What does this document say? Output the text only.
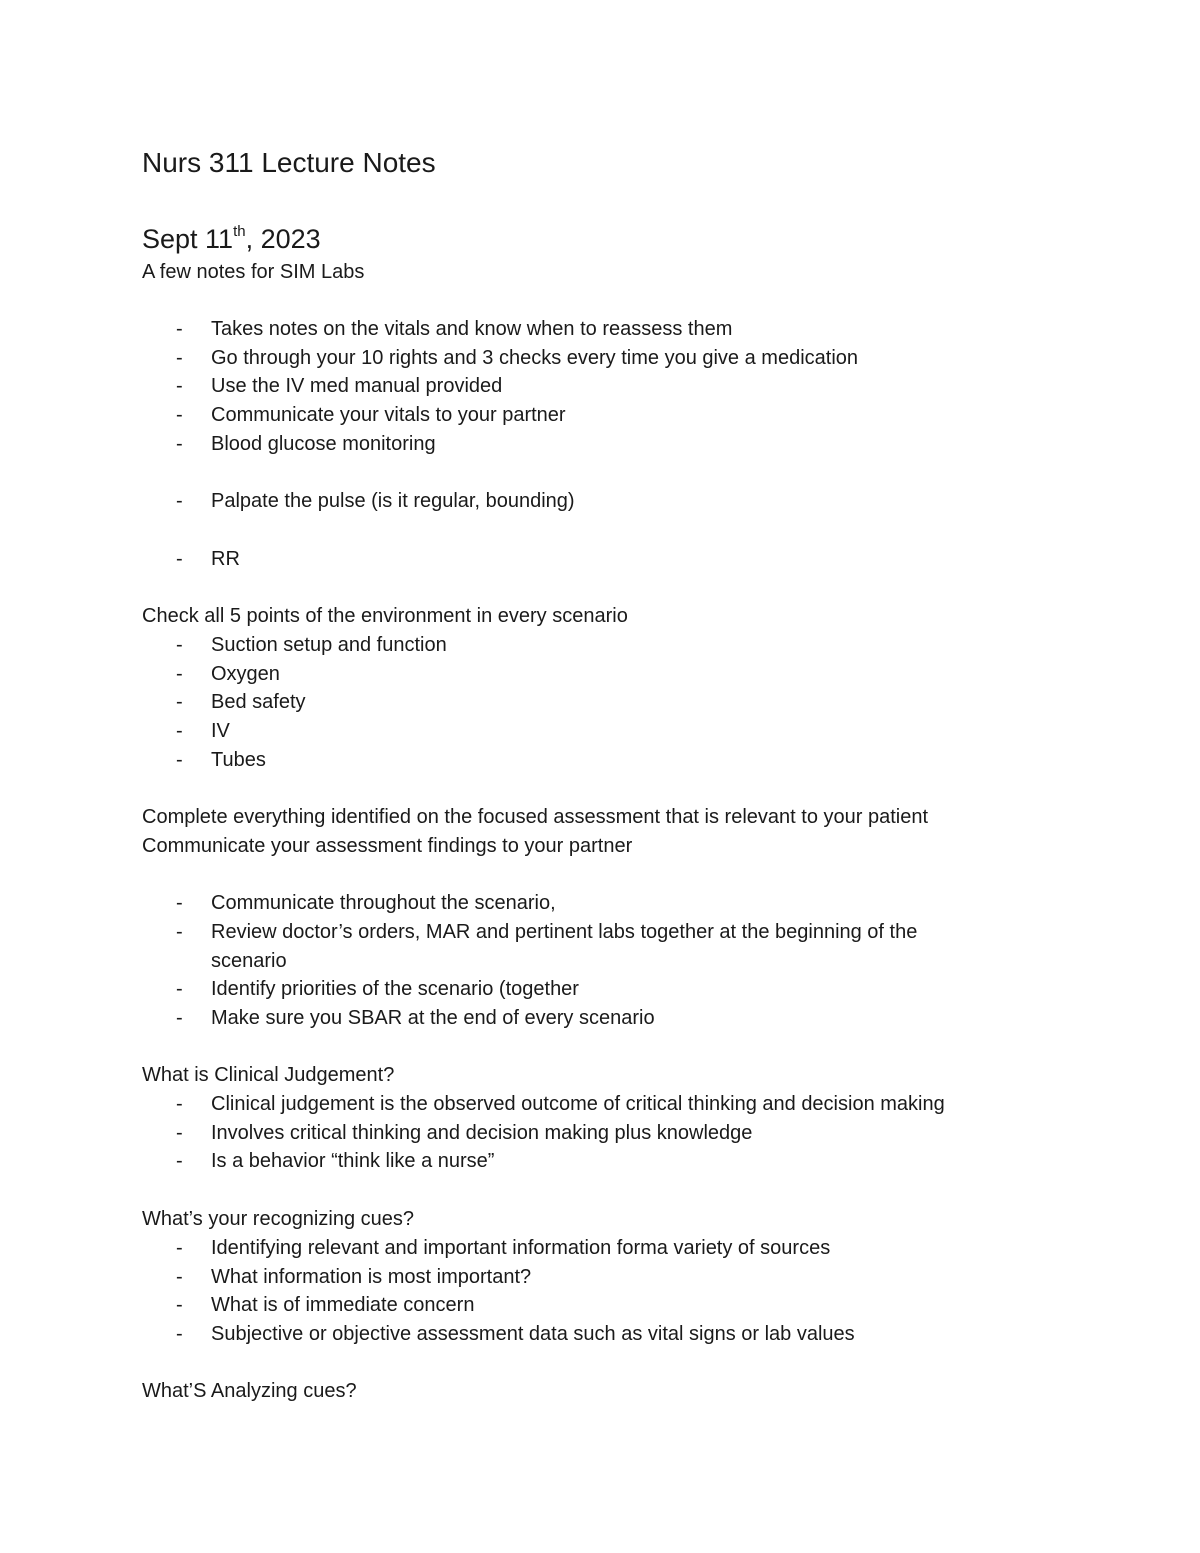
Nurs 311 Lecture Notes
Sept 11th, 2023

A few notes for SIM Labs

- Takes notes on the vitals and know when to reassess them

- Go through your 10 rights and 3 checks every time you give a medication

- Use the IV med manual provided

- Communicate your vitals to your partner

- Blood glucose monitoring

- Palpate the pulse (is it regular, bounding)

- RR

Check all 5 points of the environment in every scenario

- Suction setup and function

- Oxygen

- Bed safety

- IV

- Tubes

Complete everything identified on the focused assessment that is relevant to your patient

Communicate your assessment findings to your partner

- Communicate throughout the scenario,

- Review doctor’s orders, MAR and pertinent labs together at the beginning of the

scenario

- Identify priorities of the scenario (together

- Make sure you SBAR at the end of every scenario

What is Clinical Judgement?

- Clinical judgement is the observed outcome of critical thinking and decision making

- Involves critical thinking and decision making plus knowledge

- Is a behavior “think like a nurse”

What’s your recognizing cues?

- Identifying relevant and important information forma variety of sources

- What information is most important?

- What is of immediate concern

- Subjective or objective assessment data such as vital signs or lab values

What’S Analyzing cues?
